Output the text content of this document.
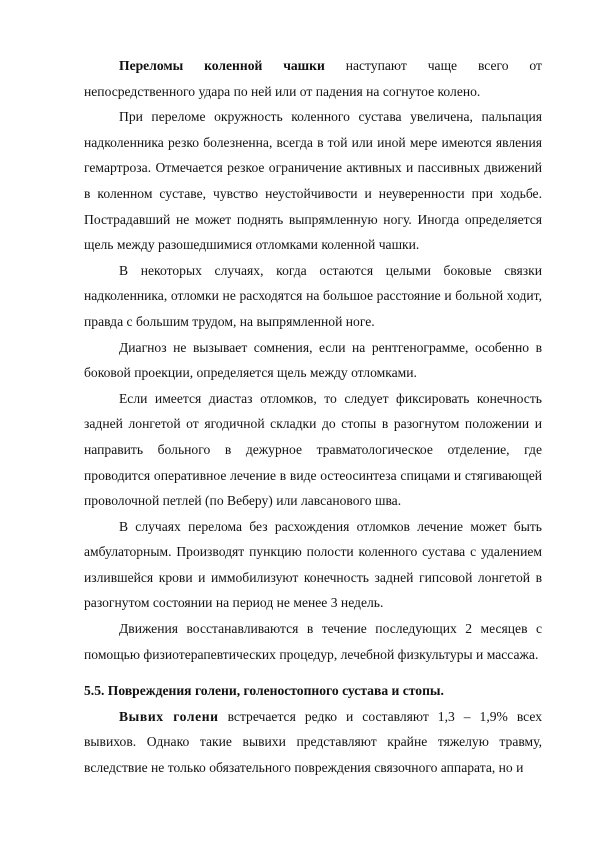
Переломы коленной чашки наступают чаще всего от непосредственного удара по ней или от падения на согнутое колено.

При переломе окружность коленного сустава увеличена, пальпация надколенника резко болезненна, всегда в той или иной мере имеются явления гемартроза. Отмечается резкое ограничение активных и пассивных движений в коленном суставе, чувство неустойчивости и неуверенности при ходьбе. Пострадавший не может поднять выпрямленную ногу. Иногда определяется щель между разошедшимися отломками коленной чашки.

В некоторых случаях, когда остаются целыми боковые связки надколенника, отломки не расходятся на большое расстояние и больной ходит, правда с большим трудом, на выпрямленной ноге.

Диагноз не вызывает сомнения, если на рентгенограмме, особенно в боковой проекции, определяется щель между отломками.

Если имеется диастаз отломков, то следует фиксировать конечность задней лонгетой от ягодичной складки до стопы в разогнутом положении и направить больного в дежурное травматологическое отделение, где проводится оперативное лечение в виде остеосинтеза спицами и стягивающей проволочной петлей (по Веберу) или лавсанового шва.

В случаях перелома без расхождения отломков лечение может быть амбулаторным. Производят пункцию полости коленного сустава с удалением излившейся крови и иммобилизуют конечность задней гипсовой лонгетой в разогнутом состоянии на период не менее 3 недель.

Движения восстанавливаются в течение последующих 2 месяцев с помощью физиотерапевтических процедур, лечебной физкультуры и массажа.

5.5. Повреждения голени, голеностопного сустава и стопы.

Вывих голени встречается редко и составляют 1,3 – 1,9% всех вывихов. Однако такие вывихи представляют крайне тяжелую травму, вследствие не только обязательного повреждения связочного аппарата, но и
